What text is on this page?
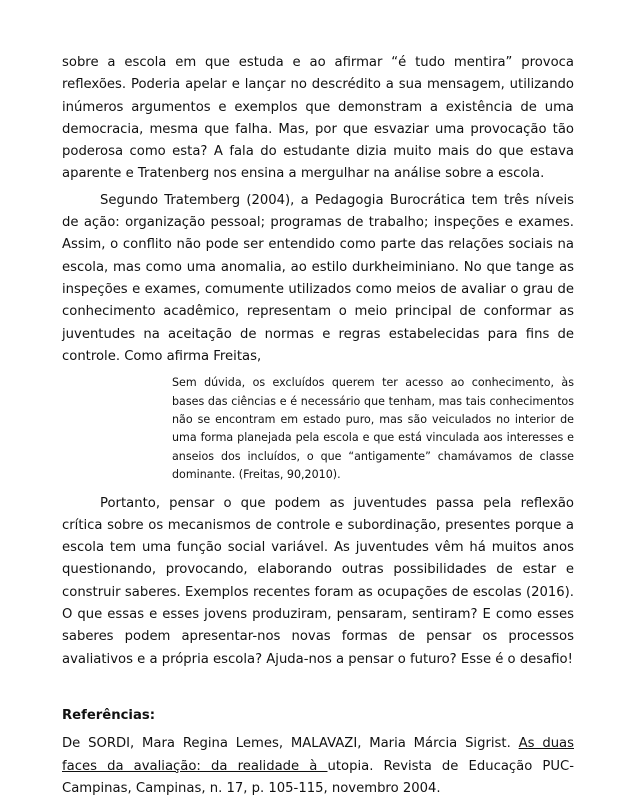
sobre a escola em que estuda e ao afirmar “é tudo mentira” provoca reflexões. Poderia apelar e lançar no descrédito a sua mensagem, utilizando inúmeros argumentos e exemplos que demonstram a existência de uma democracia, mesma que falha. Mas, por que esvaziar uma provocação tão poderosa como esta? A fala do estudante dizia muito mais do que estava aparente e Tratenberg nos ensina a mergulhar na análise sobre a escola.

Segundo Tratemberg (2004), a Pedagogia Burocrática tem três níveis de ação: organização pessoal; programas de trabalho; inspeções e exames. Assim, o conflito não pode ser entendido como parte das relações sociais na escola, mas como uma anomalia, ao estilo durkheiminiano. No que tange as inspeções e exames, comumente utilizados como meios de avaliar o grau de conhecimento acadêmico, representam o meio principal de conformar as juventudes na aceitação de normas e regras estabelecidas para fins de controle. Como afirma Freitas,

Sem dúvida, os excluídos querem ter acesso ao conhecimento, às bases das ciências e é necessário que tenham, mas tais conhecimentos não se encontram em estado puro, mas são veiculados no interior de uma forma planejada pela escola e que está vinculada aos interesses e anseios dos incluídos, o que “antigamente” chamávamos de classe dominante. (Freitas, 90,2010).

Portanto, pensar o que podem as juventudes passa pela reflexão crítica sobre os mecanismos de controle e subordinação, presentes porque a escola tem uma função social variável. As juventudes vêm há muitos anos questionando, provocando, elaborando outras possibilidades de estar e construir saberes. Exemplos recentes foram as ocupações de escolas (2016). O que essas e esses jovens produziram, pensaram, sentiram? E como esses saberes podem apresentar-nos novas formas de pensar os processos avaliativos e a própria escola? Ajuda-nos a pensar o futuro? Esse é o desafio!

Referências:

De SORDI, Mara Regina Lemes, MALAVAZI, Maria Márcia Sigrist. As duas faces da avaliação: da realidade à utopia. Revista de Educação PUC-Campinas, Campinas, n. 17, p. 105-115, novembro 2004.
